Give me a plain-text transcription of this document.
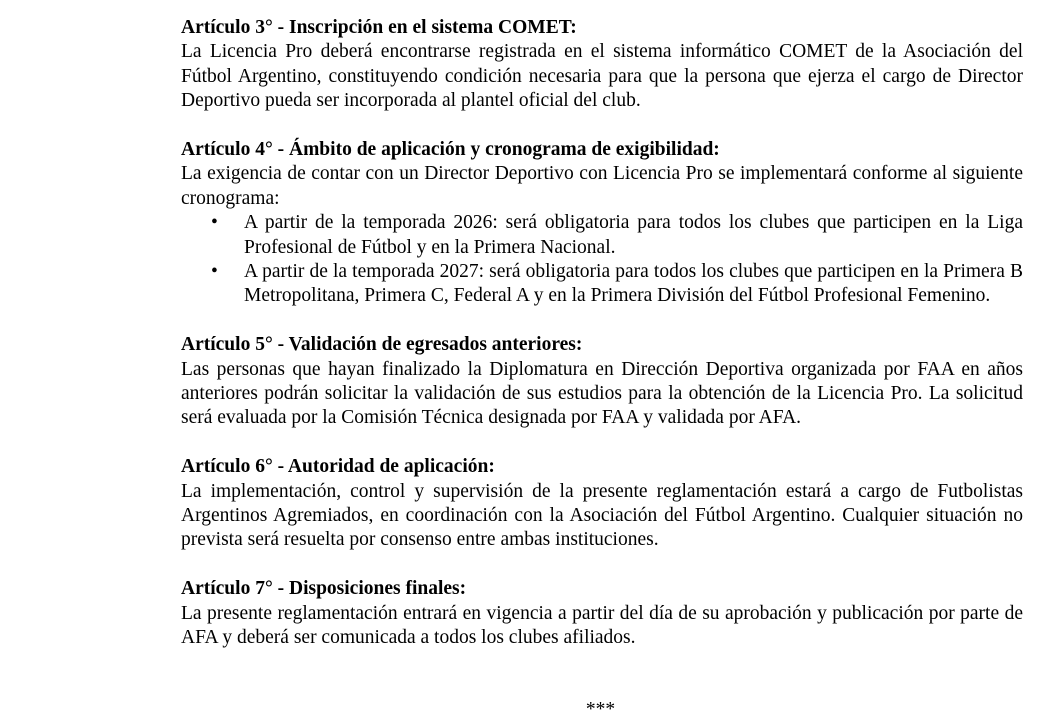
Artículo 3° - Inscripción en el sistema COMET:

La Licencia Pro deberá encontrarse registrada en el sistema informático COMET de la Asociación del Fútbol Argentino, constituyendo condición necesaria para que la persona que ejerza el cargo de Director Deportivo pueda ser incorporada al plantel oficial del club.

Artículo 4° - Ámbito de aplicación y cronograma de exigibilidad:

La exigencia de contar con un Director Deportivo con Licencia Pro se implementará conforme al siguiente cronograma:

• A partir de la temporada 2026: será obligatoria para todos los clubes que participen en la Liga Profesional de Fútbol y en la Primera Nacional.
• A partir de la temporada 2027: será obligatoria para todos los clubes que participen en la Primera B Metropolitana, Primera C, Federal A y en la Primera División del Fútbol Profesional Femenino.

Artículo 5° - Validación de egresados anteriores:

Las personas que hayan finalizado la Diplomatura en Dirección Deportiva organizada por FAA en años anteriores podrán solicitar la validación de sus estudios para la obtención de la Licencia Pro. La solicitud será evaluada por la Comisión Técnica designada por FAA y validada por AFA.

Artículo 6° - Autoridad de aplicación:

La implementación, control y supervisión de la presente reglamentación estará a cargo de Futbolistas Argentinos Agremiados, en coordinación con la Asociación del Fútbol Argentino. Cualquier situación no prevista será resuelta por consenso entre ambas instituciones.

Artículo 7° - Disposiciones finales:

La presente reglamentación entrará en vigencia a partir del día de su aprobación y publicación por parte de AFA y deberá ser comunicada a todos los clubes afiliados.

***
